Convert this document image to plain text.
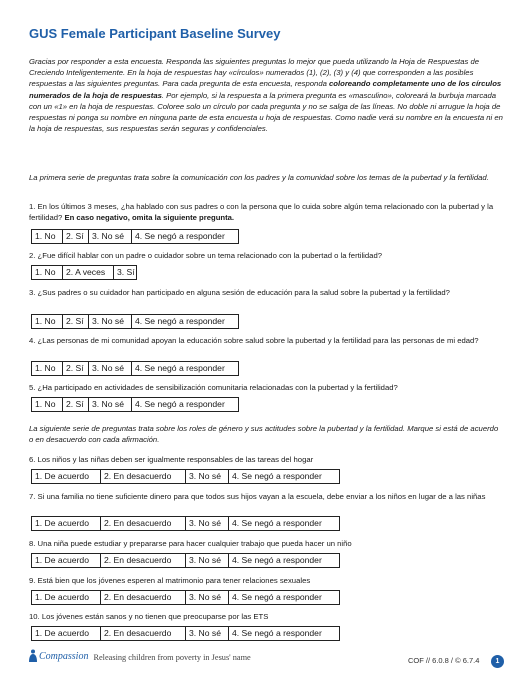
GUS Female Participant Baseline Survey
Gracias por responder a esta encuesta. Responda las siguientes preguntas lo mejor que pueda utilizando la Hoja de Respuestas de Creciendo Inteligentemente. En la hoja de respuestas hay «círculos» numerados (1), (2), (3) y (4) que corresponden a las posibles respuestas a las siguientes preguntas. Para cada pregunta de esta encuesta, responda coloreando completamente uno de los círculos numerados de la hoja de respuestas. Por ejemplo, si la respuesta a la primera pregunta es «masculino», coloreará la burbuja marcada con un «1» en la hoja de respuestas. Coloree solo un círculo por cada pregunta y no se salga de las líneas. No doble ni arrugue la hoja de respuestas ni ponga su nombre en ninguna parte de esta encuesta u hoja de respuestas. Como nadie verá su nombre en la encuesta ni en la hoja de respuestas, sus respuestas serán seguras y confidenciales.
La primera serie de preguntas trata sobre la comunicación con los padres y la comunidad sobre los temas de la pubertad y la fertilidad.
1. En los últimos 3 meses, ¿ha hablado con sus padres o con la persona que lo cuida sobre algún tema relacionado con la pubertad y la fertilidad? En caso negativo, omita la siguiente pregunta.
1. No	2. Sí 3. No sé	4. Se negó a responder
2. ¿Fue difícil hablar con un padre o cuidador sobre un tema relacionado con la pubertad o la fertilidad?
1. No	2. A veces	3. Sí
3. ¿Sus padres o su cuidador han participado en alguna sesión de educación para la salud sobre la pubertad y la fertilidad?
1. No	2. Sí 3. No sé	4. Se negó a responder
4. ¿Las personas de mi comunidad apoyan la educación sobre salud sobre la pubertad y la fertilidad para las personas de mi edad?
1. No	2. Sí 3. No sé	4. Se negó a responder
5. ¿Ha participado en actividades de sensibilización comunitaria relacionadas con la pubertad y la fertilidad?
1. No	2. Sí 3. No sé	4. Se negó a responder
La siguiente serie de preguntas trata sobre los roles de género y sus actitudes sobre la pubertad y la fertilidad. Marque si está de acuerdo o en desacuerdo con cada afirmación.
6. Los niños y las niñas deben ser igualmente responsables de las tareas del hogar
1. De acuerdo	2. En desacuerdo	3. No sé	4. Se negó a responder
7. Si una familia no tiene suficiente dinero para que todos sus hijos vayan a la escuela, debe enviar a los niños en lugar de a las niñas
1. De acuerdo	2. En desacuerdo	3. No sé	4. Se negó a responder
8. Una niña puede estudiar y prepararse para hacer cualquier trabajo que pueda hacer un niño
1. De acuerdo	2. En desacuerdo	3. No sé	4. Se negó a responder
9. Está bien que los jóvenes esperen al matrimonio para tener relaciones sexuales
1. De acuerdo	2. En desacuerdo	3. No sé	4. Se negó a responder
10. Los jóvenes están sanos y no tienen que preocuparse por las ETS
1. De acuerdo	2. En desacuerdo	3. No sé	4. Se negó a responder
Compassion Releasing children from poverty in Jesus' name	COF // 6.0.8 / © 6.7.4	1
